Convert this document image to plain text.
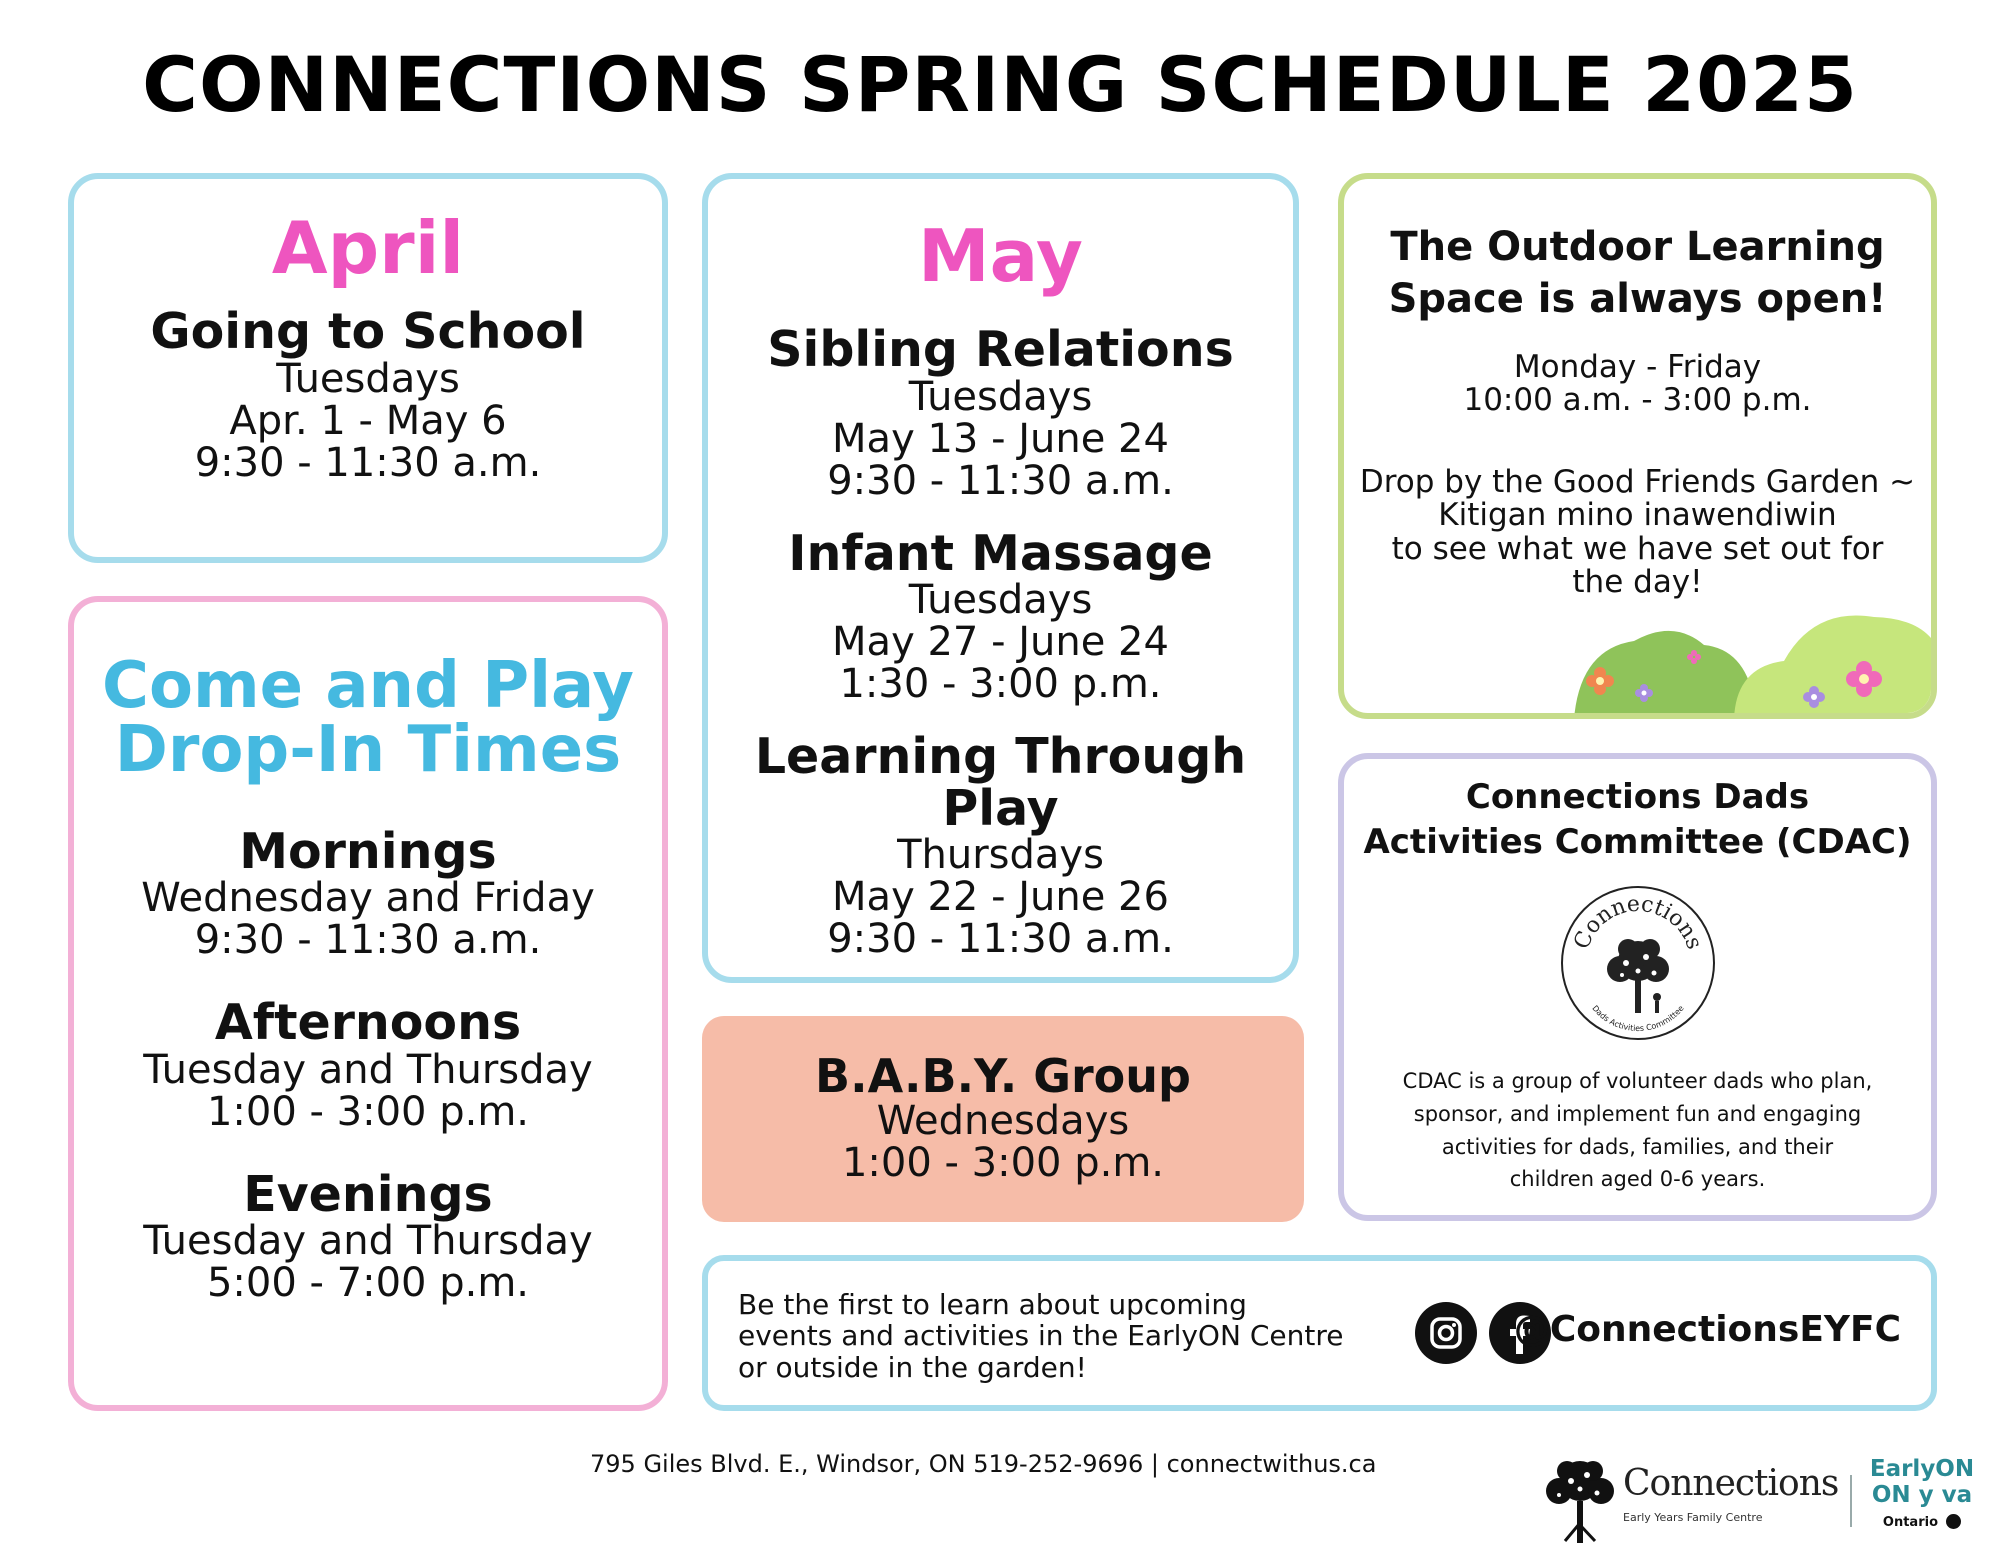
CONNECTIONS SPRING SCHEDULE 2025
April
Going to School
Tuesdays
Apr. 1 - May 6
9:30 - 11:30 a.m.
Come and Play
Drop-In Times
Mornings
Wednesday and Friday
9:30 - 11:30 a.m.
Afternoons
Tuesday and Thursday
1:00 - 3:00 p.m.
Evenings
Tuesday and Thursday
5:00 - 7:00 p.m.
May
Sibling Relations
Tuesdays
May 13 - June 24
9:30 - 11:30 a.m.
Infant Massage
Tuesdays
May 27 - June 24
1:30 - 3:00 p.m.
Learning Through Play
Thursdays
May 22 - June 26
9:30 - 11:30 a.m.
B.A.B.Y. Group
Wednesdays
1:00 - 3:00 p.m.
The Outdoor Learning
Space is always open!
Monday - Friday
10:00 a.m. - 3:00 p.m.
Drop by the Good Friends Garden ~
Kitigan mino inawendiwin
to see what we have set out for
the day!
Connections Dads
Activities Committee (CDAC)
Connections
Dads Activities Committee
CDAC is a group of volunteer dads who plan,
sponsor, and implement fun and engaging
activities for dads, families, and their
children aged 0-6 years.
Be the first to learn about upcoming
events and activities in the EarlyON Centre
or outside in the garden!
@ConnectionsEYFC
795 Giles Blvd. E., Windsor, ON 519-252-9696 | connectwithus.ca	Connections
Early Years Family Centre
EarlyON
ON y va
Ontario
